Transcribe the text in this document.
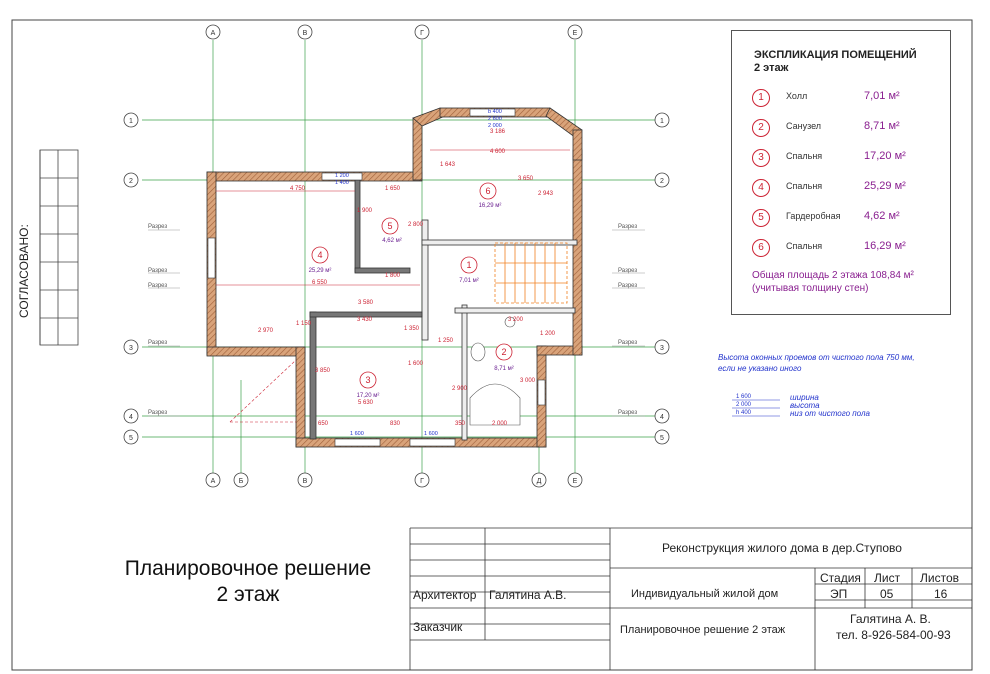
А	В	Г	Е
А	Б	В	Г	Д	Е
1
2
3
4
5
1
2
3
4
5
Разрез
Разрез
Разрез
Разрез
Разрез
Разрез
Разрез
Разрез
Разрез
Разрез
4 750	1 650
4 600
3 186
6 550
3 580
3 430
2 970
5 630
1 800
1 900
2 800
3 650
2 943
1 643
1 150
1 350
3 850
2 900
3 000
650	830	350	2 000
1 250
1 600
3 200
1 200
b 400
2 600
2 000
1 200
1 400
1 600	1 600
1
2
3
4
5
6
7,01 м²
8,71 м²
17,20 м²
25,29 м²
4,62 м²
16,29 м²
СОГЛАСОВАНО:
ЭКСПЛИКАЦИЯ ПОМЕЩЕНИЙ
2 этаж
1	Холл	7,01 м²
2	Санузел	8,71 м²
3	Спальня	17,20 м²
4	Спальня	25,29 м²
5	Гардеробная 4,62 м²
6	Спальня	16,29 м²
Общая площадь 2 этажа 108,84 м²
(учитывая толщину стен)
Высота оконных проемов от чистого пола 750 мм,
если не указано иного
1 600
2 000
h 400
ширина
высота
низ от чистого пола
Планировочное решение
2 этаж
Реконструкция жилого дома в дер.Ступово
Индивидуальный жилой дом
Планировочное решение 2 этаж
Архитектор Галятина А.В.
Заказчик
Стадия Лист Листов
ЭП	05	16
Галятина А. В.
тел. 8-926-584-00-93
